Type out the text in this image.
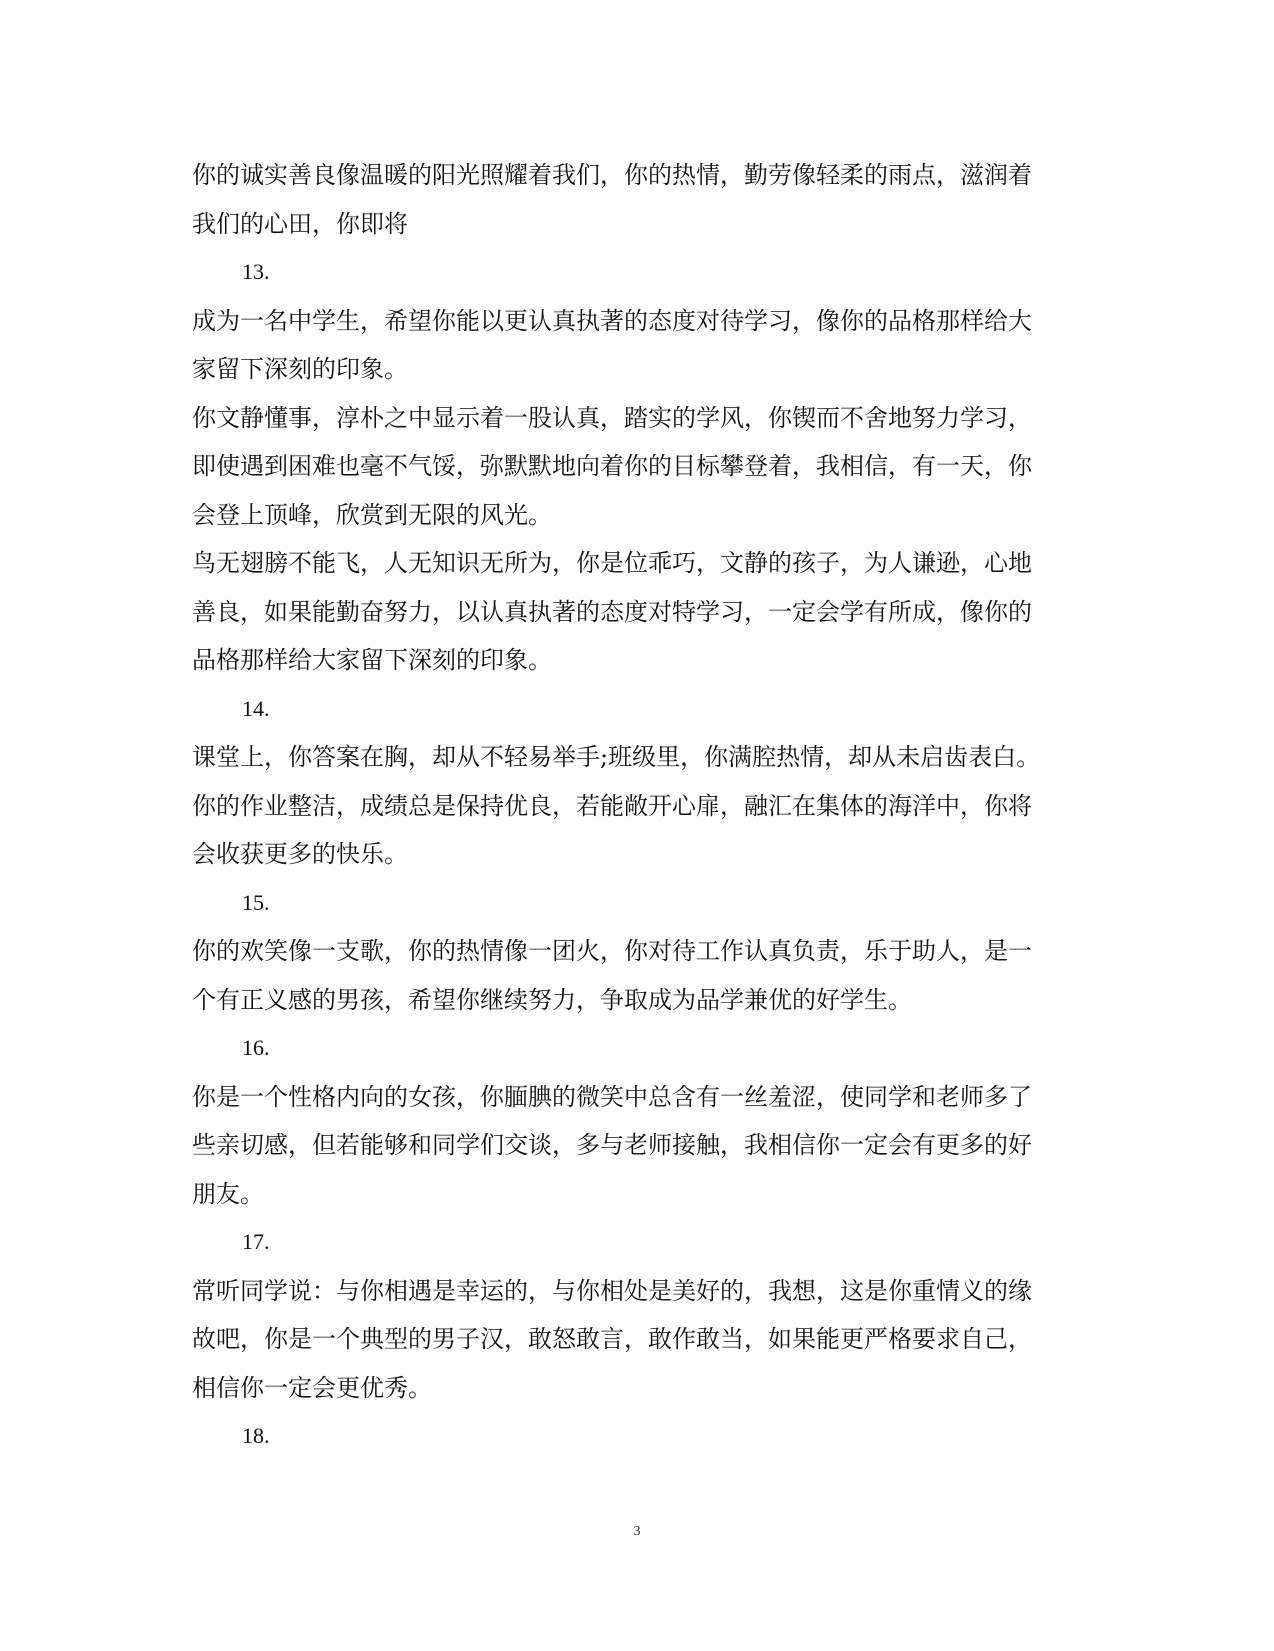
你的诚实善良像温暖的阳光照耀着我们，你的热情，勤劳像轻柔的雨点，滋润着
我们的心田，你即将

13.

成为一名中学生，希望你能以更认真执著的态度对待学习，像你的品格那样给大
家留下深刻的印象。

你文静懂事，淳朴之中显示着一股认真，踏实的学风，你锲而不舍地努力学习，
即使遇到困难也毫不气馁，弥默默地向着你的目标攀登着，我相信，有一天，你
会登上顶峰，欣赏到无限的风光。

鸟无翅膀不能飞，人无知识无所为，你是位乖巧，文静的孩子，为人谦逊，心地
善良，如果能勤奋努力，以认真执著的态度对特学习，一定会学有所成，像你的
品格那样给大家留下深刻的印象。

14.

课堂上，你答案在胸，却从不轻易举手;班级里，你满腔热情，却从未启齿表白。
你的作业整洁，成绩总是保持优良，若能敞开心扉，融汇在集体的海洋中，你将
会收获更多的快乐。

15.

你的欢笑像一支歌，你的热情像一团火，你对待工作认真负责，乐于助人，是一
个有正义感的男孩，希望你继续努力，争取成为品学兼优的好学生。

16.

你是一个性格内向的女孩，你腼腆的微笑中总含有一丝羞涩，使同学和老师多了
些亲切感，但若能够和同学们交谈，多与老师接触，我相信你一定会有更多的好
朋友。

17.

常听同学说：与你相遇是幸运的，与你相处是美好的，我想，这是你重情义的缘
故吧，你是一个典型的男子汉，敢怒敢言，敢作敢当，如果能更严格要求自己，
相信你一定会更优秀。

18.

3
